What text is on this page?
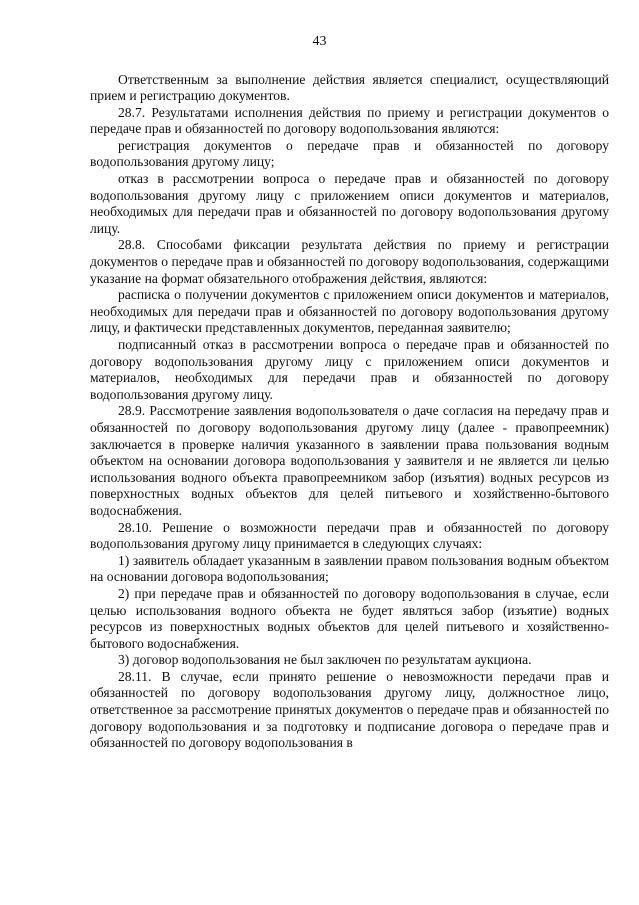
43

Ответственным за выполнение действия является специалист, осуществляющий прием и регистрацию документов.

28.7. Результатами исполнения действия по приему и регистрации документов о передаче прав и обязанностей по договору водопользования являются:

регистрация документов о передаче прав и обязанностей по договору водопользования другому лицу;

отказ в рассмотрении вопроса о передаче прав и обязанностей по договору водопользования другому лицу с приложением описи документов и материалов, необходимых для передачи прав и обязанностей по договору водопользования другому лицу.

28.8. Способами фиксации результата действия по приему и регистрации документов о передаче прав и обязанностей по договору водопользования, содержащими указание на формат обязательного отображения действия, являются:

расписка о получении документов с приложением описи документов и материалов, необходимых для передачи прав и обязанностей по договору водопользования другому лицу, и фактически представленных документов, переданная заявителю;

подписанный отказ в рассмотрении вопроса о передаче прав и обязанностей по договору водопользования другому лицу с приложением описи документов и материалов, необходимых для передачи прав и обязанностей по договору водопользования другому лицу.

28.9. Рассмотрение заявления водопользователя о даче согласия на передачу прав и обязанностей по договору водопользования другому лицу (далее - правопреемник) заключается в проверке наличия указанного в заявлении права пользования водным объектом на основании договора водопользования у заявителя и не является ли целью использования водного объекта правопреемником забор (изъятия) водных ресурсов из поверхностных водных объектов для целей питьевого и хозяйственно-бытового водоснабжения.

28.10. Решение о возможности передачи прав и обязанностей по договору водопользования другому лицу принимается в следующих случаях:

1) заявитель обладает указанным в заявлении правом пользования водным объектом на основании договора водопользования;

2) при передаче прав и обязанностей по договору водопользования в случае, если целью использования водного объекта не будет являться забор (изъятие) водных ресурсов из поверхностных водных объектов для целей питьевого и хозяйственно-бытового водоснабжения.

3) договор водопользования не был заключен по результатам аукциона.

28.11. В случае, если принято решение о невозможности передачи прав и обязанностей по договору водопользования другому лицу, должностное лицо, ответственное за рассмотрение принятых документов о передаче прав и обязанностей по договору водопользования и за подготовку и подписание договора о передаче прав и обязанностей по договору водопользования в
